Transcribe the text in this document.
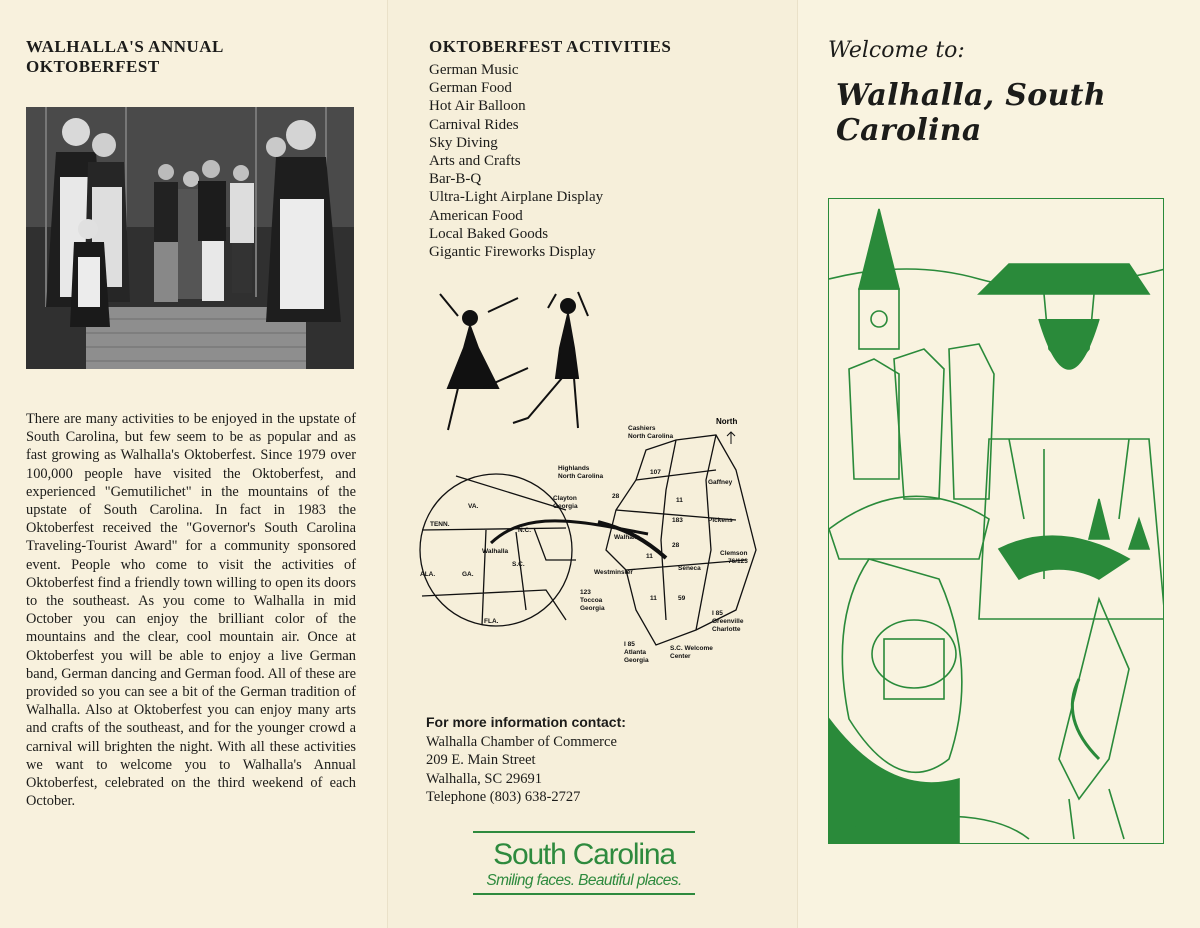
WALHALLA'S ANNUAL OKTOBERFEST

There are many activities to be enjoyed in the upstate of South Carolina, but few seem to be as popular and as fast growing as Walhalla's Oktoberfest. Since 1979 over 100,000 people have visited the Oktoberfest, and experienced "Gemutilichet" in the mountains of the upstate of South Carolina. In fact in 1983 the Oktoberfest received the "Governor's South Carolina Traveling-Tourist Award" for a community sponsored event. People who come to visit the activities of Oktoberfest find a friendly town willing to open its doors to the southeast. As you come to Walhalla in mid October you can enjoy the brilliant color of the mountains and the clear, cool mountain air. Once at Oktoberfest you will be able to enjoy a live German band, German dancing and German food. All of these are provided so you can see a bit of the German tradition of Walhalla. Also at Oktoberfest you can enjoy many arts and crafts of the southeast, and for the younger crowd a carnival will brighten the night. With all these activities we want to welcome you to Walhalla's Annual Oktoberfest, celebrated on the third weekend of each October.

OKTOBERFEST ACTIVITIES
German Music
German Food
Hot Air Balloon
Carnival Rides
Sky Diving
Arts and Crafts
Bar-B-Q
Ultra-Light Airplane Display
American Food
Local Baked Goods
Gigantic Fireworks Display
North
VA.
TENN.
N.C.
Walhalla
S.C.
ALA.	GA.
FLA.
Cashiers
North Carolina
Highlands
North Carolina
Clayton
Georgia
Gaffney
Pickens
Walhalla
Clemson
76/123
Westminster
Seneca
123
Toccoa
Georgia
I 85
Greenville
Charlotte
I 85
Atlanta
Georgia
S.C. Welcome
Center
107
28
11
183
28
11
11	59
For more information contact:
Walhalla Chamber of Commerce
209 E. Main Street
Walhalla, SC 29691
Telephone (803) 638-2727
South Carolina
Smiling faces. Beautiful places.
Welcome to:
Walhalla, South Carolina
